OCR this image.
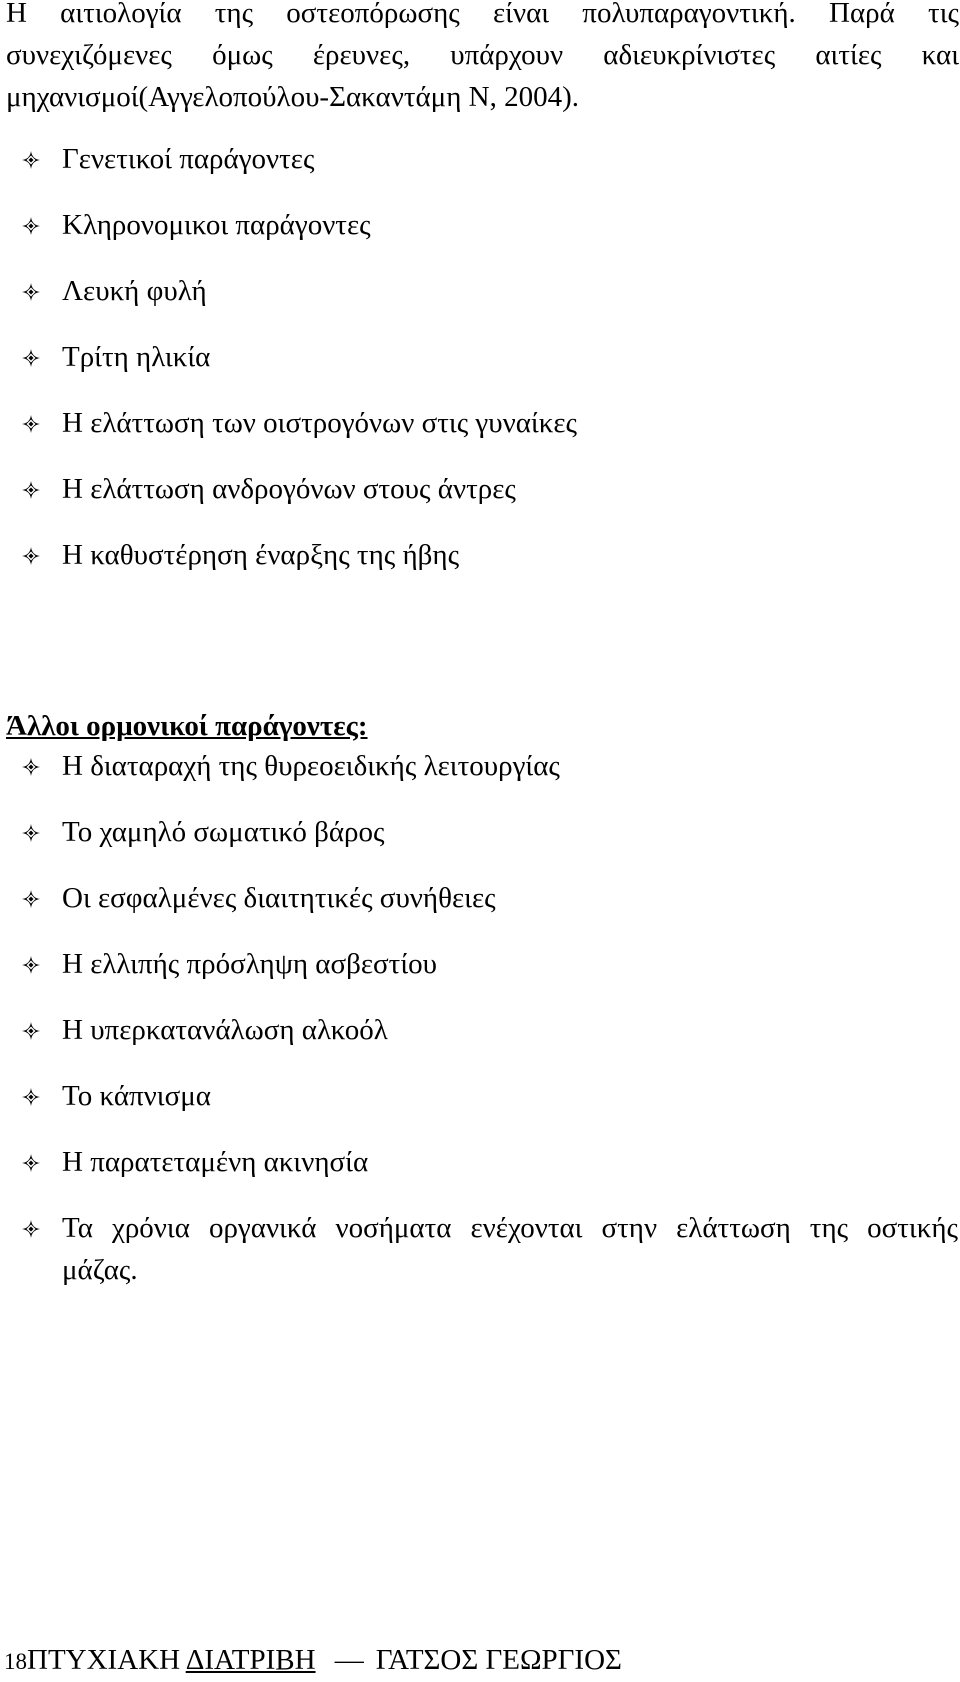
Η αιτιολογία της οστεοπόρωσης είναι πολυπαραγοντική. Παρά τις
συνεχιζόμενες όμως έρευνες, υπάρχουν αδιευκρίνιστες αιτίες και
μηχανισμοί(Αγγελοπούλου-Σακαντάμη Ν, 2004).

Γενετικοί παράγοντες
Κληρονομικοι παράγοντες
Λευκή φυλή
Τρίτη ηλικία
Η ελάττωση των οιστρογόνων στις γυναίκες
Η ελάττωση ανδρογόνων στους άντρες
Η καθυστέρηση έναρξης της ήβης

Άλλοι ορμονικοί παράγοντες:

Η διαταραχή της θυρεοειδικής λειτουργίας
Το χαμηλό σωματικό βάρος
Οι εσφαλμένες διαιτητικές συνήθειες
Η ελλιπής πρόσληψη ασβεστίου
Η υπερκατανάλωση αλκοόλ
Το κάπνισμα
Η παρατεταμένη ακινησία
Τα χρόνια οργανικά νοσήματα ενέχονται στην ελάττωση της οστικής
μάζας.
18ΠΤΥΧΙΑΚΗ ΔΙΑΤΡΙΒΗ — ΓΑΤΣΟΣ ΓΕΩΡΓΙΟΣ
